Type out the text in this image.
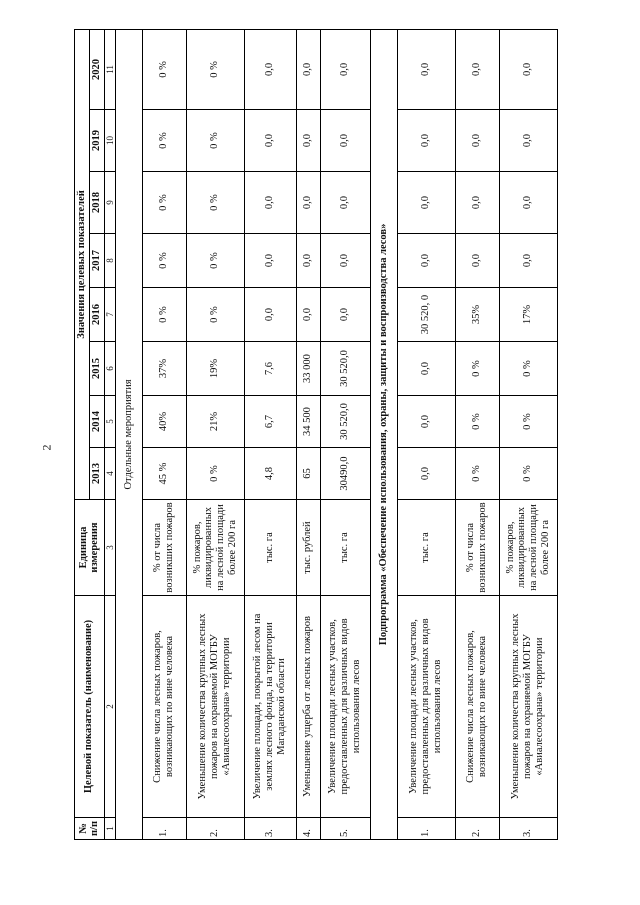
2
№ п/п	Целевой показатель (наименование)	Единица измерения	Значения целевых показателей							
			2013	2014	2015	2016	2017	2018	2019	2020
1	2	3	4	5	6	7	8	9	10	11
Отдельные мероприятия										
1.	Снижение числа лесных пожаров, возникающих по вине человека	% от числа возникших пожаров	45 %	40%	37%	0 %	0 %	0 %	0 %	0 %
2.	Уменьшение количества крупных лесных пожаров на охраняемой МОГБУ «Авиалесоохрана» территории	% пожаров, ликвидированных на лесной площади более 200 га	0 %	21%	19%	0 %	0 %	0 %	0 %	0 %
3.	Увеличение площади, покрытой лесом на землях лесного фонда, на территории Магаданской области	тыс. га	4,8	6,7	7,6	0,0	0,0	0,0	0,0	0,0
4.	Уменьшение ущерба от лесных пожаров	тыс. рублей	65	34 500	33 000	0,0	0,0	0,0	0,0	0,0
5.	Увеличение площади лесных участков, предоставленных для различных видов использования лесов	тыс. га	30490,0	30 520,0	30 520,0	0,0	0,0	0,0	0,0	0,0
Подпрограмма «Обеспечение использования, охраны, защиты и воспроизводства лесов»										
1.	Увеличение площади лесных участков, предоставленных для различных видов использования лесов	тыс. га	0,0	0,0	0,0	30 520, 0	0,0	0,0	0,0	0,0
2.	Снижение числа лесных пожаров, возникающих по вине человека	% от числа возникших пожаров	0 %	0 %	0 %	35%	0,0	0,0	0,0	0,0
3.	Уменьшение количества крупных лесных пожаров на охраняемой МОГБУ «Авиалесоохрана» территории	% пожаров, ликвидированных на лесной площади более 200 га	0 %	0 %	0 %	17%	0,0	0,0	0,0	0,0
